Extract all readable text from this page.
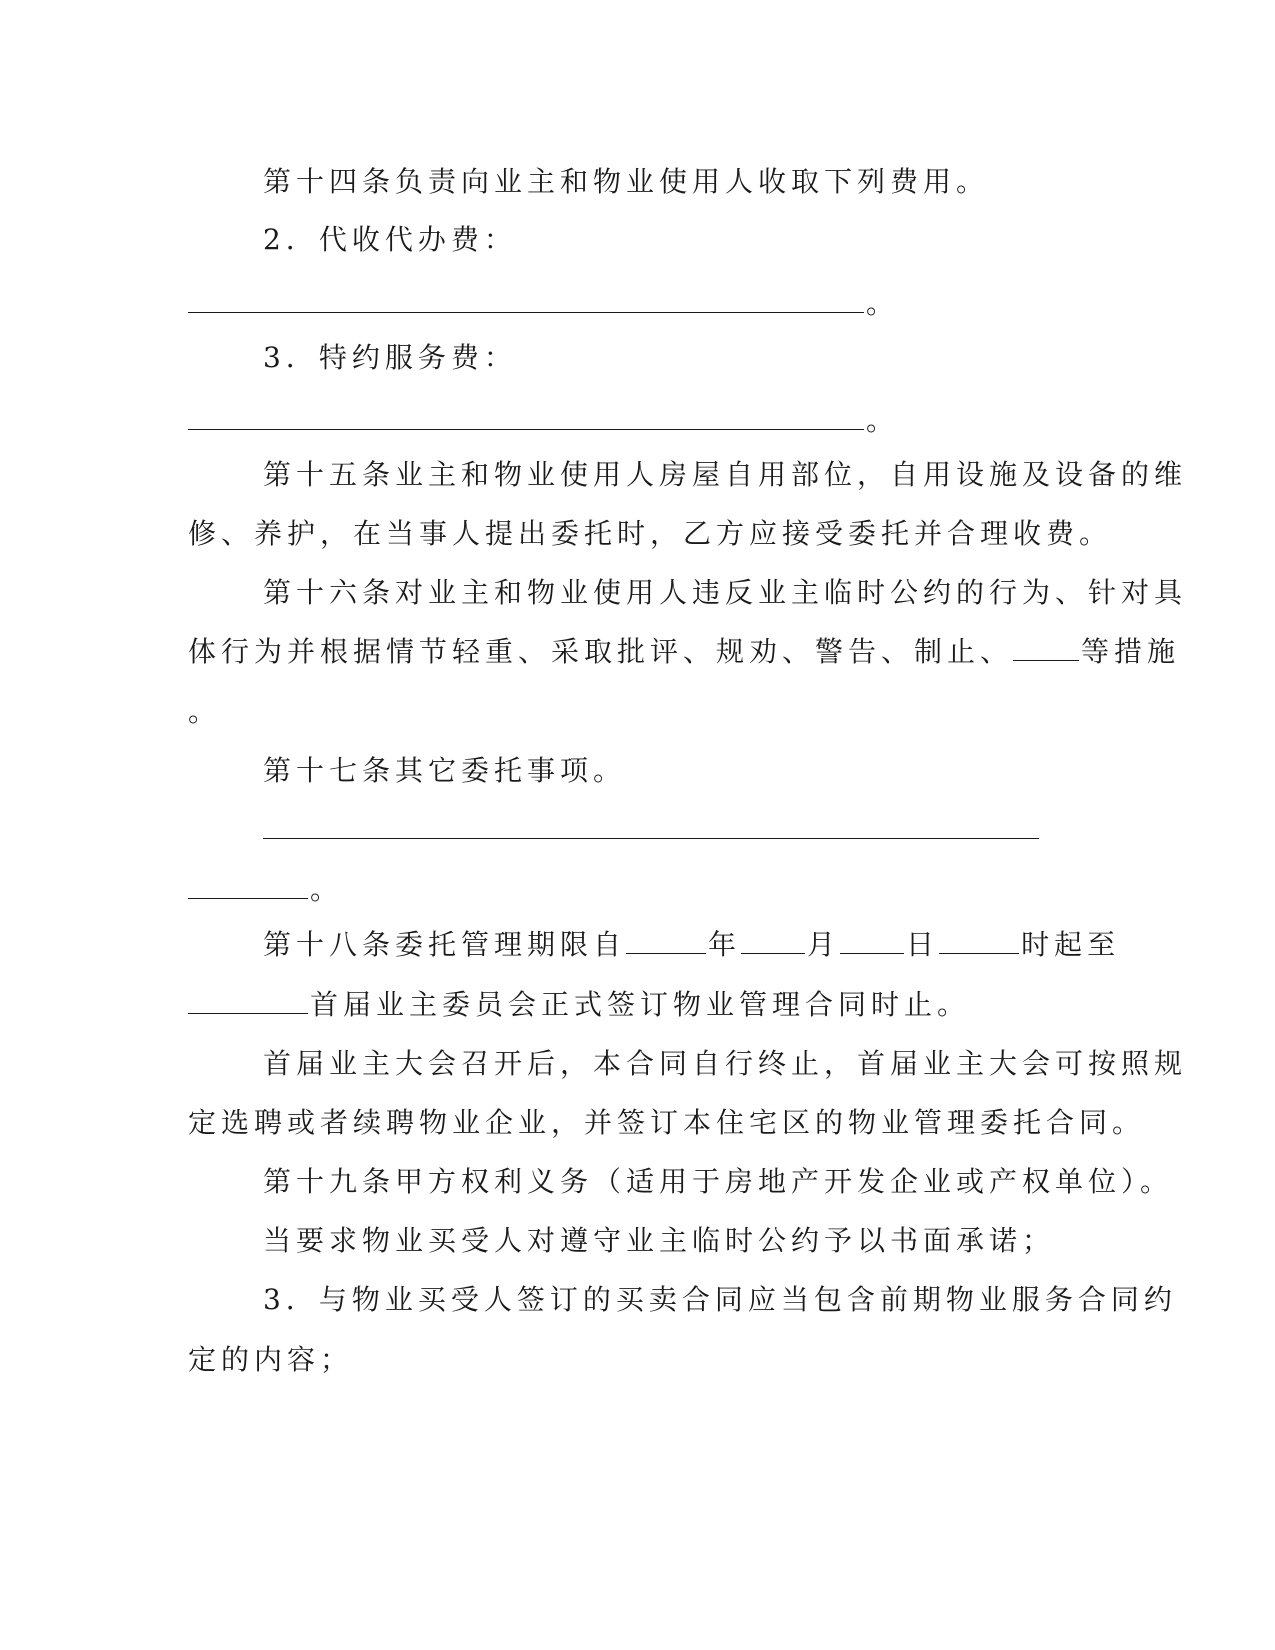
第十四条负责向业主和物业使用人收取下列费用。
2．代收代办费：
。
3．特约服务费：
。
第十五条业主和物业使用人房屋自用部位，自用设施及设备的维
修、养护，在当事人提出委托时，乙方应接受委托并合理收费。
第十六条对业主和物业使用人违反业主临时公约的行为、针对具
体行为并根据情节轻重、采取批评、规劝、警告、制止、 等措施
。
第十七条其它委托事项。
。
第十八条委托管理期限自	年 月 日	时起至
首届业主委员会正式签订物业管理合同时止。
首届业主大会召开后，本合同自行终止，首届业主大会可按照规
定选聘或者续聘物业企业，并签订本住宅区的物业管理委托合同。
第十九条甲方权利义务（适用于房地产开发企业或产权单位）。
当要求物业买受人对遵守业主临时公约予以书面承诺；
3．与物业买受人签订的买卖合同应当包含前期物业服务合同约
定的内容；
